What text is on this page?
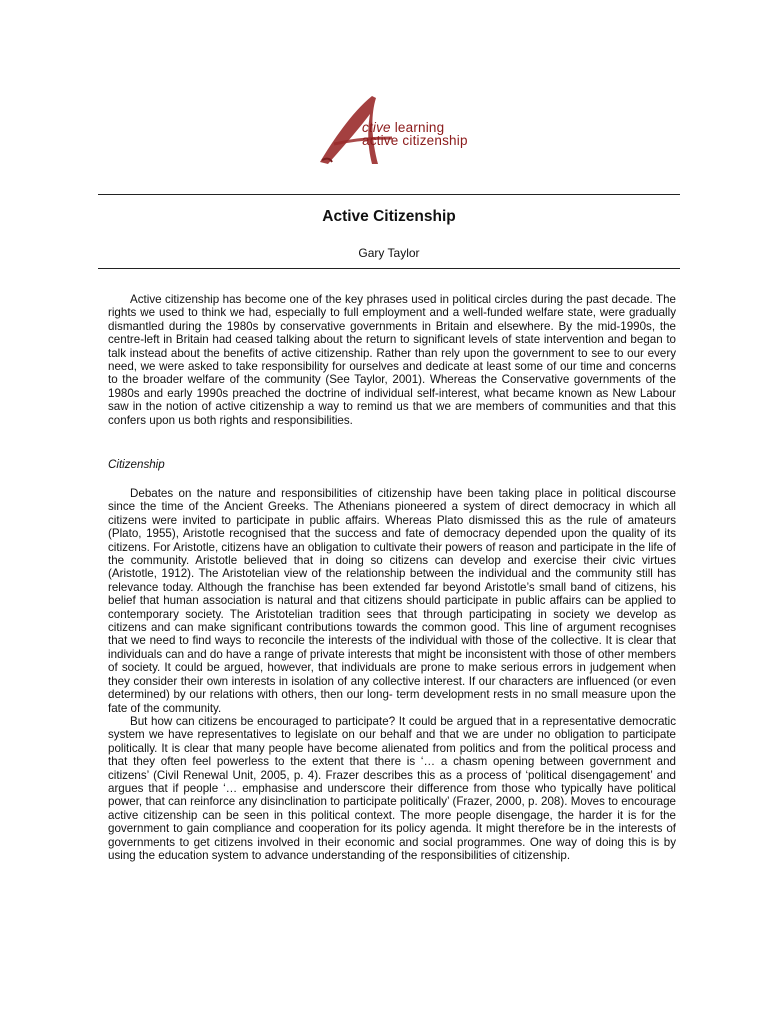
ctive learning
active citizenship
Active Citizenship
Gary Taylor

Active citizenship has become one of the key phrases used in political circles during the past decade. The rights we used to think we had, especially to full employment and a well-funded welfare state, were gradually dismantled during the 1980s by conservative governments in Britain and elsewhere. By the mid-1990s, the centre-left in Britain had ceased talking about the return to significant levels of state intervention and began to talk instead about the benefits of active citizenship. Rather than rely upon the government to see to our every need, we were asked to take responsibility for ourselves and dedicate at least some of our time and concerns to the broader welfare of the community (See Taylor, 2001). Whereas the Conservative governments of the 1980s and early 1990s preached the doctrine of individual self-interest, what became known as New Labour saw in the notion of active citizenship a way to remind us that we are members of communities and that this confers upon us both rights and responsibilities.

Citizenship

Debates on the nature and responsibilities of citizenship have been taking place in political discourse since the time of the Ancient Greeks. The Athenians pioneered a system of direct democracy in which all citizens were invited to participate in public affairs. Whereas Plato dismissed this as the rule of amateurs (Plato, 1955), Aristotle recognised that the success and fate of democracy depended upon the quality of its citizens. For Aristotle, citizens have an obligation to cultivate their powers of reason and participate in the life of the community. Aristotle believed that in doing so citizens can develop and exercise their civic virtues (Aristotle, 1912). The Aristotelian view of the relationship between the individual and the community still has relevance today. Although the franchise has been extended far beyond Aristotle’s small band of citizens, his belief that human association is natural and that citizens should participate in public affairs can be applied to contemporary society. The Aristotelian tradition sees that through participating in society we develop as citizens and can make significant contributions towards the common good. This line of argument recognises that we need to find ways to reconcile the interests of the individual with those of the collective. It is clear that individuals can and do have a range of private interests that might be inconsistent with those of other members of society. It could be argued, however, that individuals are prone to make serious errors in judgement when they consider their own interests in isolation of any collective interest. If our characters are influenced (or even determined) by our relations with others, then our long- term development rests in no small measure upon the fate of the community.

But how can citizens be encouraged to participate? It could be argued that in a representative democratic system we have representatives to legislate on our behalf and that we are under no obligation to participate politically. It is clear that many people have become alienated from politics and from the political process and that they often feel powerless to the extent that there is ‘… a chasm opening between government and citizens’ (Civil Renewal Unit, 2005, p. 4). Frazer describes this as a process of ‘political disengagement’ and argues that if people ‘… emphasise and underscore their difference from those who typically have political power, that can reinforce any disinclination to participate politically’ (Frazer, 2000, p. 208). Moves to encourage active citizenship can be seen in this political context. The more people disengage, the harder it is for the government to gain compliance and cooperation for its policy agenda. It might therefore be in the interests of governments to get citizens involved in their economic and social programmes. One way of doing this is by using the education system to advance understanding of the responsibilities of citizenship.
